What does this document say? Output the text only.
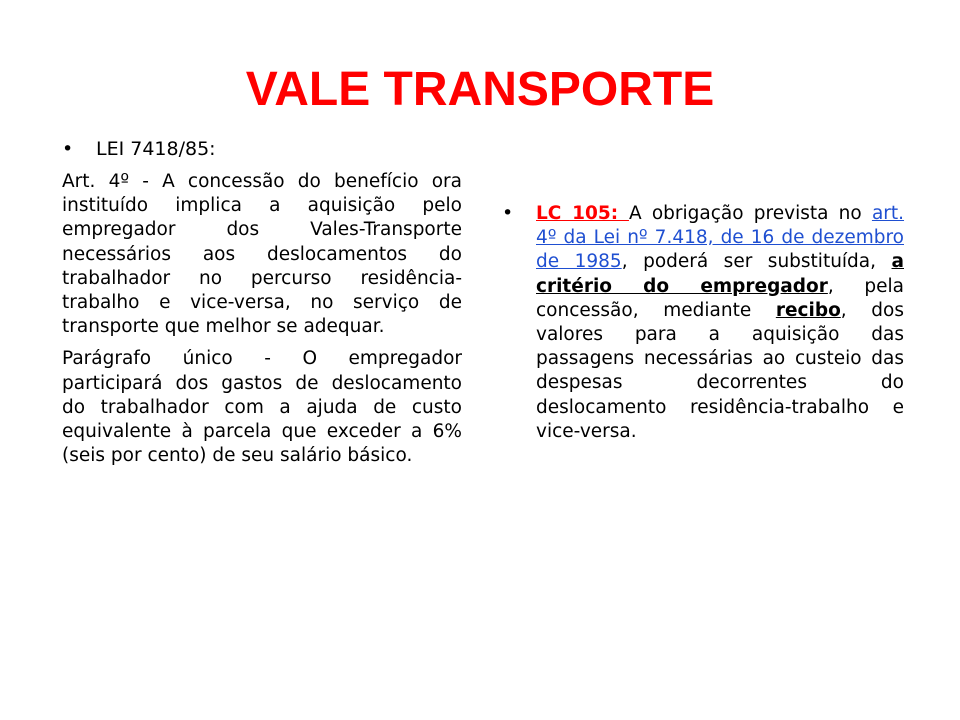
VALE TRANSPORTE
• LEI 7418/85:

Art. 4º - A concessão do benefício ora instituído implica a aquisição pelo empregador dos Vales-Transporte necessários aos deslocamentos do trabalhador no percurso residência-trabalho e vice-versa, no serviço de transporte que melhor se adequar.

Parágrafo único - O empregador participará dos gastos de deslocamento do trabalhador com a ajuda de custo equivalente à parcela que exceder a 6% (seis por cento) de seu salário básico.

• LC 105: A obrigação prevista no art. 4º da Lei nº 7.418, de 16 de dezembro de 1985, poderá ser substituída, a critério do empregador, pela concessão, mediante recibo, dos valores para a aquisição das passagens necessárias ao custeio das despesas decorrentes do deslocamento residência-trabalho e vice-versa.
